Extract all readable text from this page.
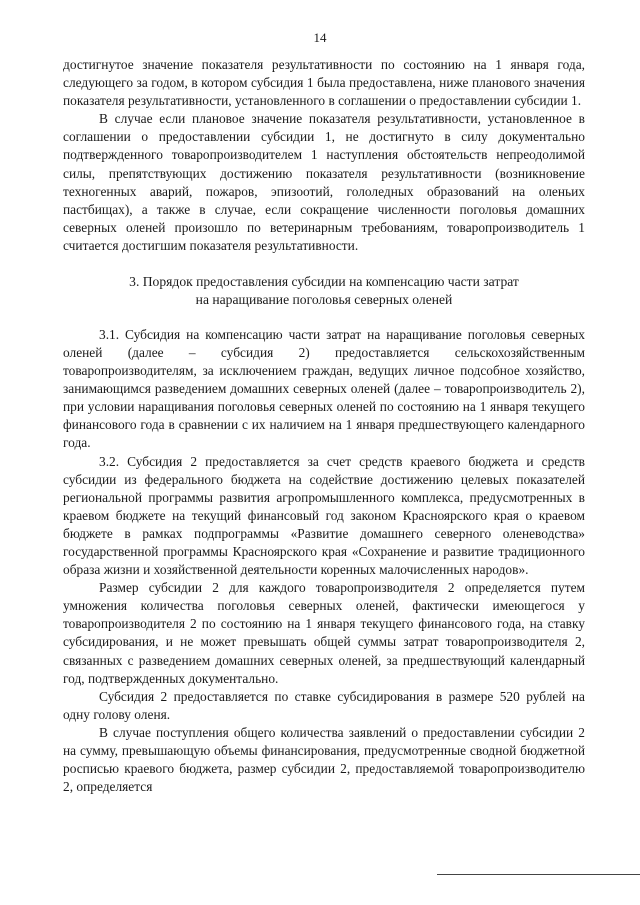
14

достигнутое значение показателя результативности по состоянию на 1 января года, следующего за годом, в котором субсидия 1 была предоставлена, ниже планового значения показателя результативности, установленного в соглашении о предоставлении субсидии 1.

В случае если плановое значение показателя результативности, установленное в соглашении о предоставлении субсидии 1, не достигнуто в силу документально подтвержденного товаропроизводителем 1 наступления обстоятельств непреодолимой силы, препятствующих достижению показателя результативности (возникновение техногенных аварий, пожаров, эпизоотий, гололедных образований на оленьих пастбищах), а также в случае, если сокращение численности поголовья домашних северных оленей произошло по ветеринарным требованиям, товаропроизводитель 1 считается достигшим показателя результативности.

3. Порядок предоставления субсидии на компенсацию части затрат
на наращивание поголовья северных оленей

3.1. Субсидия на компенсацию части затрат на наращивание поголовья северных оленей (далее – субсидия 2) предоставляется сельскохозяйственным товаропроизводителям, за исключением граждан, ведущих личное подсобное хозяйство, занимающимся разведением домашних северных оленей (далее – товаропроизводитель 2), при условии наращивания поголовья северных оленей по состоянию на 1 января текущего финансового года в сравнении с их наличием на 1 января предшествующего календарного года.

3.2. Субсидия 2 предоставляется за счет средств краевого бюджета и средств субсидии из федерального бюджета на содействие достижению целевых показателей региональной программы развития агропромышленного комплекса, предусмотренных в краевом бюджете на текущий финансовый год законом Красноярского края о краевом бюджете в рамках подпрограммы «Развитие домашнего северного оленеводства» государственной программы Красноярского края «Сохранение и развитие традиционного образа жизни и хозяйственной деятельности коренных малочисленных народов».

Размер субсидии 2 для каждого товаропроизводителя 2 определяется путем умножения количества поголовья северных оленей, фактически имеющегося у товаропроизводителя 2 по состоянию на 1 января текущего финансового года, на ставку субсидирования, и не может превышать общей суммы затрат товаропроизводителя 2, связанных с разведением домашних северных оленей, за предшествующий календарный год, подтвержденных документально.

Субсидия 2 предоставляется по ставке субсидирования в размере 520 рублей на одну голову оленя.

В случае поступления общего количества заявлений о предоставлении субсидии 2 на сумму, превышающую объемы финансирования, предусмотренные сводной бюджетной росписью краевого бюджета, размер субсидии 2, предоставляемой товаропроизводителю 2, определяется
